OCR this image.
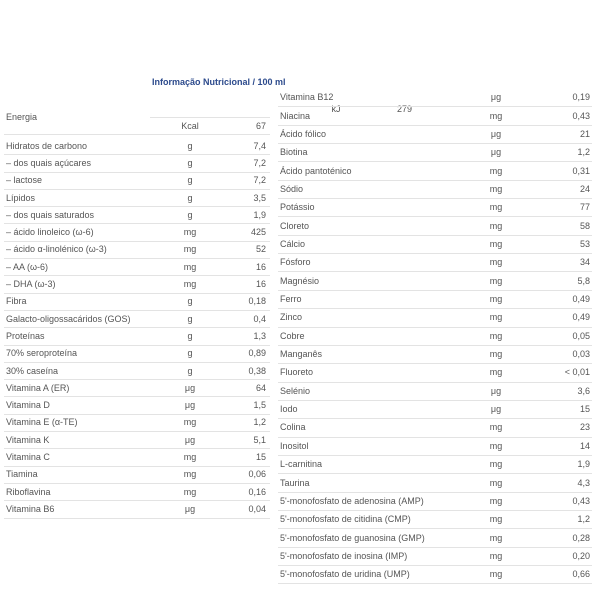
Informação Nutricional / 100 ml
Energia
kJ	279
Kcal	67
Hidratos de carbono	g	7,4
– dos quais açúcares	g	7,2
– lactose	g	7,2
Lípidos	g	3,5
– dos quais saturados	g	1,9
– ácido linoleico (ω-6)	mg	425
– ácido α-linolénico (ω-3)	mg	52
– AA (ω-6)	mg	16
– DHA (ω-3)	mg	16
Fibra	g	0,18
Galacto-oligossacáridos (GOS)	g	0,4
Proteínas	g	1,3
70% seroproteína	g	0,89
30% caseína	g	0,38
Vitamina A (ER)	μg	64
Vitamina D	μg	1,5
Vitamina E (α-TE)	mg	1,2
Vitamina K	μg	5,1
Vitamina C	mg	15
Tiamina	mg	0,06
Riboflavina	mg	0,16
Vitamina B6	μg	0,04
Vitamina B12	μg	0,19
Niacina	mg	0,43
Ácido fólico	μg	21
Biotina	μg	1,2
Ácido pantoténico	mg	0,31
Sódio	mg	24
Potássio	mg	77
Cloreto	mg	58
Cálcio	mg	53
Fósforo	mg	34
Magnésio	mg	5,8
Ferro	mg	0,49
Zinco	mg	0,49
Cobre	mg	0,05
Manganês	mg	0,03
Fluoreto	mg	< 0,01
Selénio	μg	3,6
Iodo	μg	15
Colina	mg	23
Inositol	mg	14
L-carnitina	mg	1,9
Taurina	mg	4,3
5'-monofosfato de adenosina (AMP)	mg	0,43
5'-monofosfato de citidina (CMP)	mg	1,2
5'-monofosfato de guanosina (GMP)	mg	0,28
5'-monofosfato de inosina (IMP)	mg	0,20
5'-monofosfato de uridina (UMP)	mg	0,66
